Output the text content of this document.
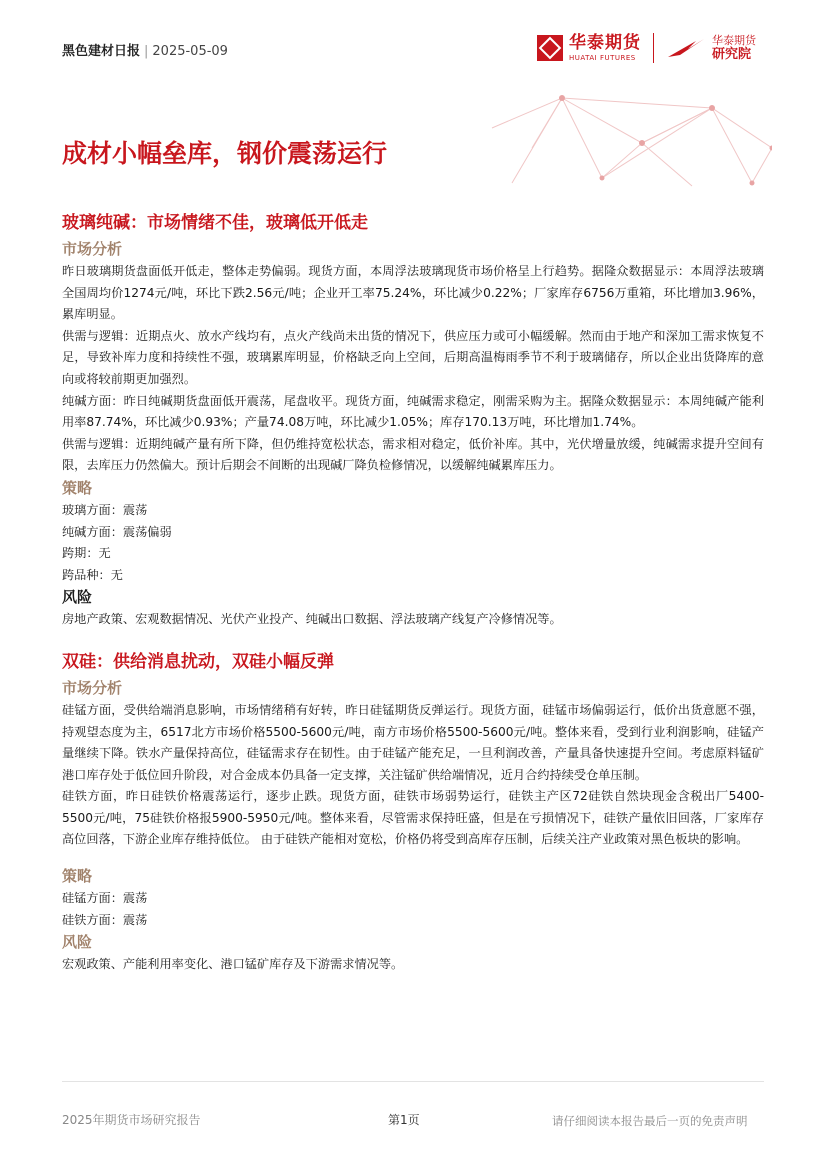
黑色建材日报 | 2025-05-09	华泰期货
HUATAI FUTURES
华泰期货
研究院
成材小幅垒库，钢价震荡运行
玻璃纯碱：市场情绪不佳，玻璃低开低走
市场分析

昨日玻璃期货盘面低开低走，整体走势偏弱。现货方面，本周浮法玻璃现货市场价格呈上行趋势。据隆众数据显示：本周浮法玻璃全国周均价1274元/吨，环比下跌2.56元/吨；企业开工率75.24%，环比减少0.22%；厂家库存6756万重箱，环比增加3.96%，累库明显。

供需与逻辑：近期点火、放水产线均有，点火产线尚未出货的情况下，供应压力或可小幅缓解。然而由于地产和深加工需求恢复不足，导致补库力度和持续性不强，玻璃累库明显，价格缺乏向上空间，后期高温梅雨季节不利于玻璃储存，所以企业出货降库的意向或将较前期更加强烈。

纯碱方面：昨日纯碱期货盘面低开震荡，尾盘收平。现货方面，纯碱需求稳定，刚需采购为主。据隆众数据显示：本周纯碱产能利用率87.74%，环比减少0.93%；产量74.08万吨，环比减少1.05%；库存170.13万吨，环比增加1.74%。

供需与逻辑：近期纯碱产量有所下降，但仍维持宽松状态，需求相对稳定，低价补库。其中，光伏增量放缓，纯碱需求提升空间有限，去库压力仍然偏大。预计后期会不间断的出现碱厂降负检修情况，以缓解纯碱累库压力。

策略

玻璃方面：震荡

纯碱方面：震荡偏弱

跨期：无

跨品种：无

风险

房地产政策、宏观数据情况、光伏产业投产、纯碱出口数据、浮法玻璃产线复产冷修情况等。

双硅：供给消息扰动，双硅小幅反弹
市场分析

硅锰方面，受供给端消息影响，市场情绪稍有好转，昨日硅锰期货反弹运行。现货方面，硅锰市场偏弱运行，低价出货意愿不强，持观望态度为主，6517北方市场价格5500-5600元/吨，南方市场价格5500-5600元/吨。整体来看，受到行业利润影响，硅锰产量继续下降。铁水产量保持高位，硅锰需求存在韧性。由于硅锰产能充足，一旦利润改善，产量具备快速提升空间。考虑原料锰矿港口库存处于低位回升阶段，对合金成本仍具备一定支撑，关注锰矿供给端情况，近月合约持续受仓单压制。

硅铁方面，昨日硅铁价格震荡运行，逐步止跌。现货方面，硅铁市场弱势运行，硅铁主产区72硅铁自然块现金含税出厂5400-5500元/吨，75硅铁价格报5900-5950元/吨。整体来看，尽管需求保持旺盛，但是在亏损情况下，硅铁产量依旧回落，厂家库存高位回落，下游企业库存维持低位。 由于硅铁产能相对宽松，价格仍将受到高库存压制，后续关注产业政策对黑色板块的影响。

策略

硅锰方面：震荡

硅铁方面：震荡

风险

宏观政策、产能利用率变化、港口锰矿库存及下游需求情况等。

2025年期货市场研究报告	第1页	请仔细阅读本报告最后一页的免责声明
